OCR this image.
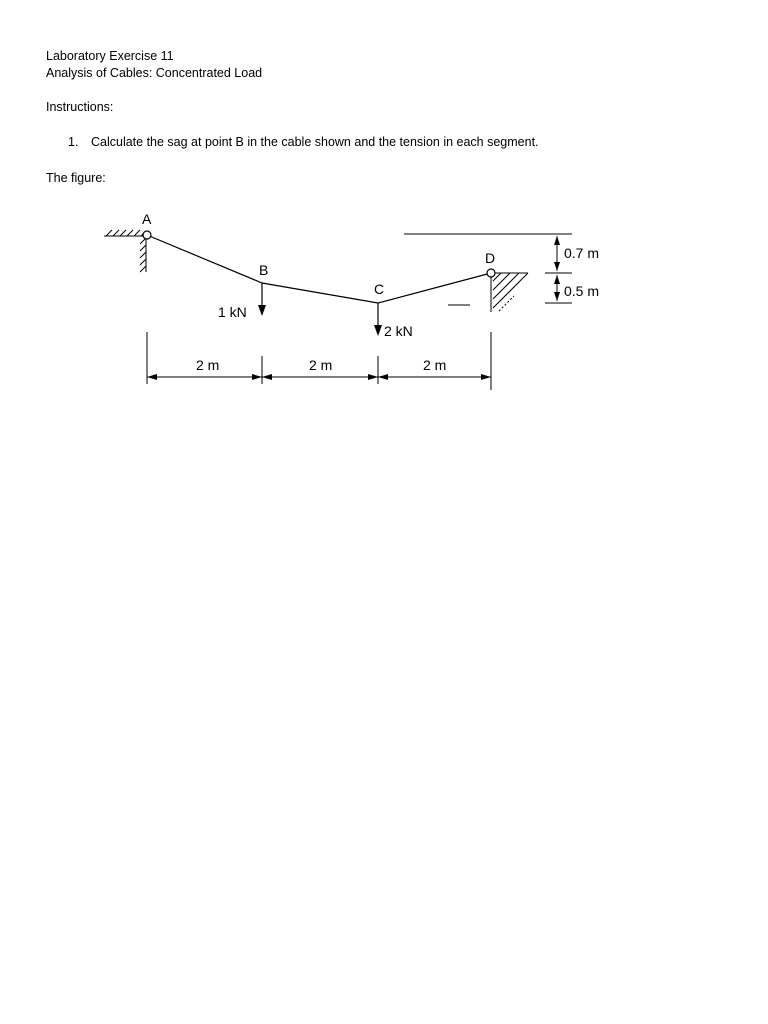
Laboratory Exercise 11

Analysis of Cables: Concentrated Load

Instructions:

1. Calculate the sag at point B in the cable shown and the tension in each segment.

The figure:

A
B
C
D
1 kN
2 kN
0.7 m
0.5 m
2 m	2 m	2 m
